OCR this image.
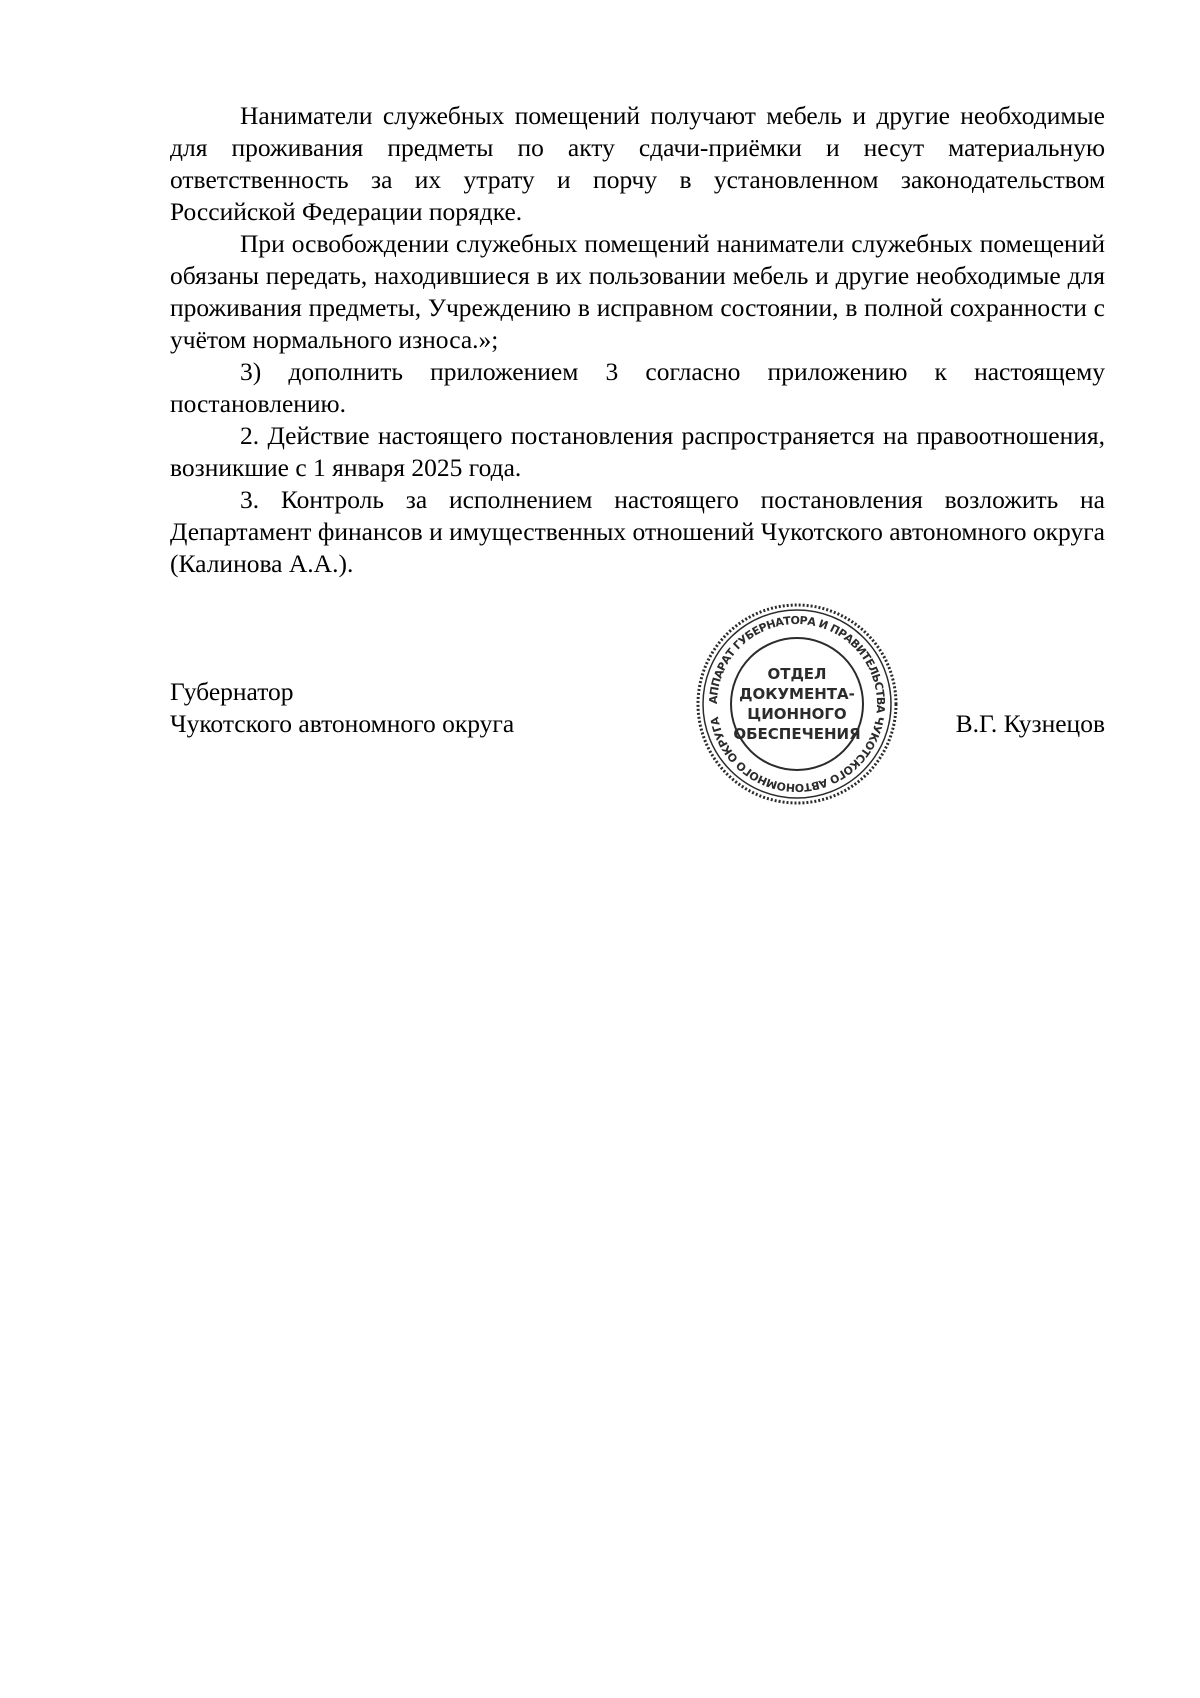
Наниматели служебных помещений получают мебель и другие необходимые для проживания предметы по акту сдачи-приёмки и несут материальную ответственность за их утрату и порчу в установленном законодательством Российской Федерации порядке.

При освобождении служебных помещений наниматели служебных помещений обязаны передать, находившиеся в их пользовании мебель и другие необходимые для проживания предметы, Учреждению в исправном состоянии, в полной сохранности с учётом нормального износа.»;

3) дополнить приложением 3 согласно приложению к настоящему постановлению.

2. Действие настоящего постановления распространяется на правоотношения, возникшие с 1 января 2025 года.

3. Контроль за исполнением настоящего постановления возложить на Департамент финансов и имущественных отношений Чукотского автономного округа (Калинова А.А.).

Губернатор
Чукотского автономного округа	В.Г. Кузнецов
АППАРАТ ГУБЕРНАТОРА И ПРАВИТЕЛЬСТВА ЧУКОТСКОГО АВТОНОМНОГО ОКРУГА
ОТДЕЛ
ДОКУМЕНТА-
ЦИОННОГО
ОБЕСПЕЧЕНИЯ
